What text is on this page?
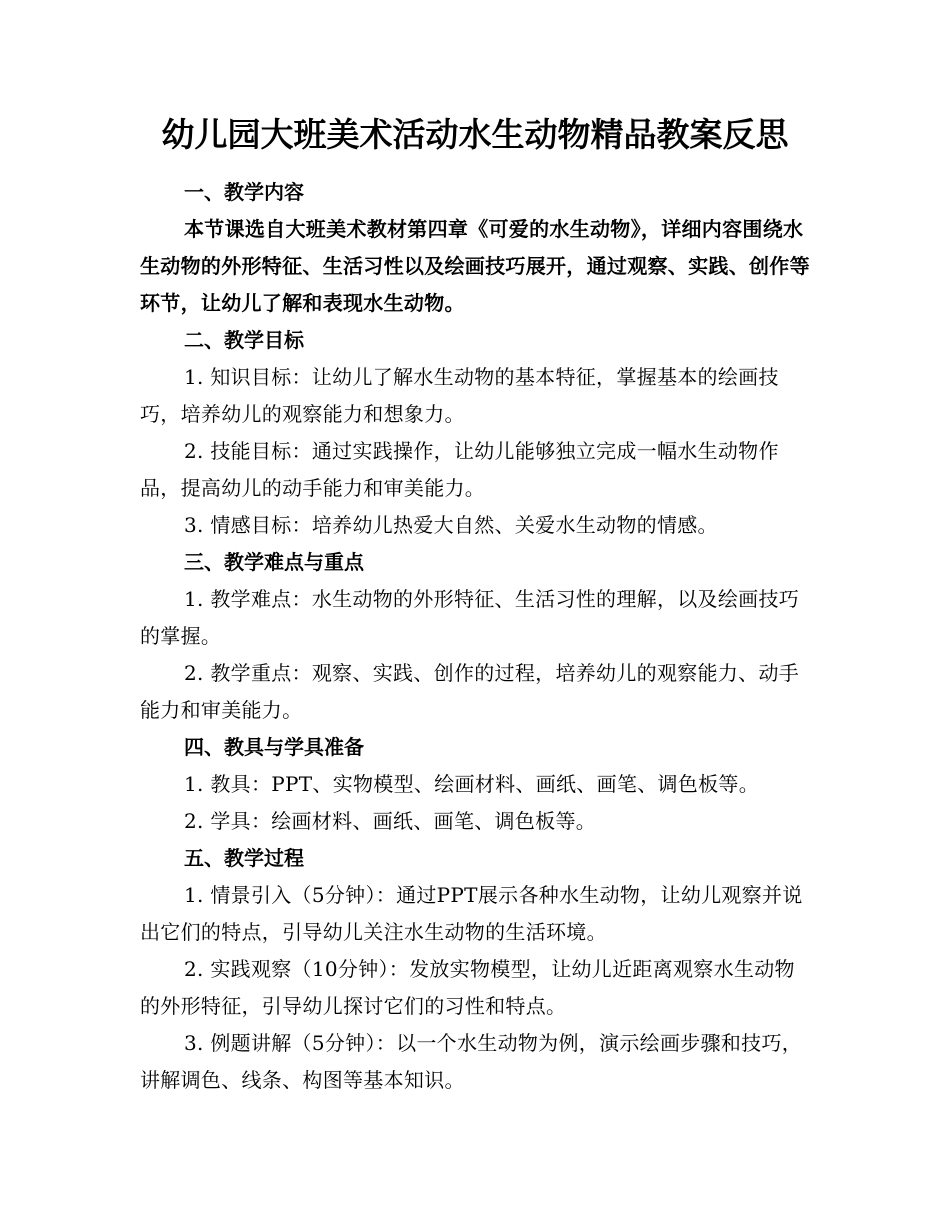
幼儿园大班美术活动水生动物精品教案反思

一、教学内容

本节课选自大班美术教材第四章《可爱的水生动物》，详细内容围绕水生动物的外形特征、生活习性以及绘画技巧展开，通过观察、实践、创作等环节，让幼儿了解和表现水生动物。

二、教学目标

1. 知识目标：让幼儿了解水生动物的基本特征，掌握基本的绘画技巧，培养幼儿的观察能力和想象力。

2. 技能目标：通过实践操作，让幼儿能够独立完成一幅水生动物作品，提高幼儿的动手能力和审美能力。

3. 情感目标：培养幼儿热爱大自然、关爱水生动物的情感。

三、教学难点与重点

1. 教学难点：水生动物的外形特征、生活习性的理解，以及绘画技巧的掌握。

2. 教学重点：观察、实践、创作的过程，培养幼儿的观察能力、动手能力和审美能力。

四、教具与学具准备

1. 教具：PPT、实物模型、绘画材料、画纸、画笔、调色板等。

2. 学具：绘画材料、画纸、画笔、调色板等。

五、教学过程

1. 情景引入（5分钟）：通过PPT展示各种水生动物，让幼儿观察并说出它们的特点，引导幼儿关注水生动物的生活环境。

2. 实践观察（10分钟）：发放实物模型，让幼儿近距离观察水生动物的外形特征，引导幼儿探讨它们的习性和特点。

3. 例题讲解（5分钟）：以一个水生动物为例，演示绘画步骤和技巧，讲解调色、线条、构图等基本知识。
